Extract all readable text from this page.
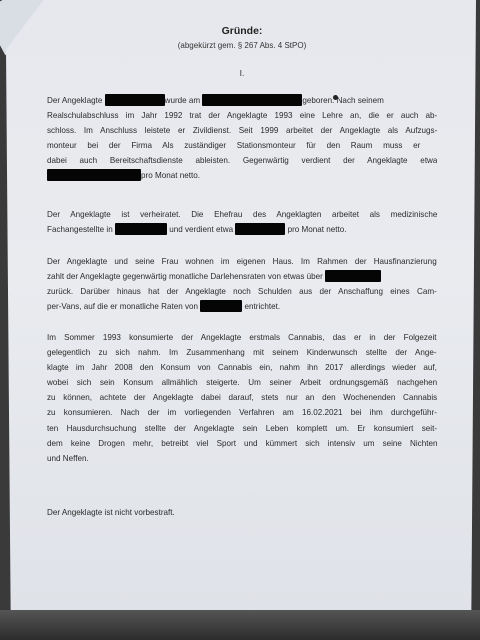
Gründe:
(abgekürzt gem. § 267 Abs. 4 StPO)
I.
Der Angeklagte	wurde am	geboren. Nach seinem
Realschulabschluss im Jahr 1992 trat der Angeklagte 1993 eine Lehre an, die er auch ab-
schloss. Im Anschluss leistete er Zivildienst. Seit 1999 arbeitet der Angeklagte als Aufzugs-
monteur bei der Firma Als zuständiger Stationsmonteur für den Raum muss er
dabei auch Bereitschaftsdienste ableisten. Gegenwärtig verdient der Angeklagte etwa
pro Monat netto.
Der Angeklagte ist verheiratet. Die Ehefrau des Angeklagten arbeitet als medizinische
Fachangestellte in	und verdient etwa	pro Monat netto.
Der Angeklagte und seine Frau wohnen im eigenen Haus. Im Rahmen der Hausfinanzierung
zahlt der Angeklagte gegenwärtig monatliche Darlehensraten von etwas über
zurück. Darüber hinaus hat der Angeklagte noch Schulden aus der Anschaffung eines Cam-
per-Vans, auf die er monatliche Raten von	entrichtet.
Im Sommer 1993 konsumierte der Angeklagte erstmals Cannabis, das er in der Folgezeit
gelegentlich zu sich nahm. Im Zusammenhang mit seinem Kinderwunsch stellte der Ange-
klagte im Jahr 2008 den Konsum von Cannabis ein, nahm ihn 2017 allerdings wieder auf,
wobei sich sein Konsum allmählich steigerte. Um seiner Arbeit ordnungsgemäß nachgehen
zu können, achtete der Angeklagte dabei darauf, stets nur an den Wochenenden Cannabis
zu konsumieren. Nach der im vorliegenden Verfahren am 16.02.2021 bei ihm durchgeführ-
ten Hausdurchsuchung stellte der Angeklagte sein Leben komplett um. Er konsumiert seit-
dem keine Drogen mehr, betreibt viel Sport und kümmert sich intensiv um seine Nichten
und Neffen.
Der Angeklagte ist nicht vorbestraft.
